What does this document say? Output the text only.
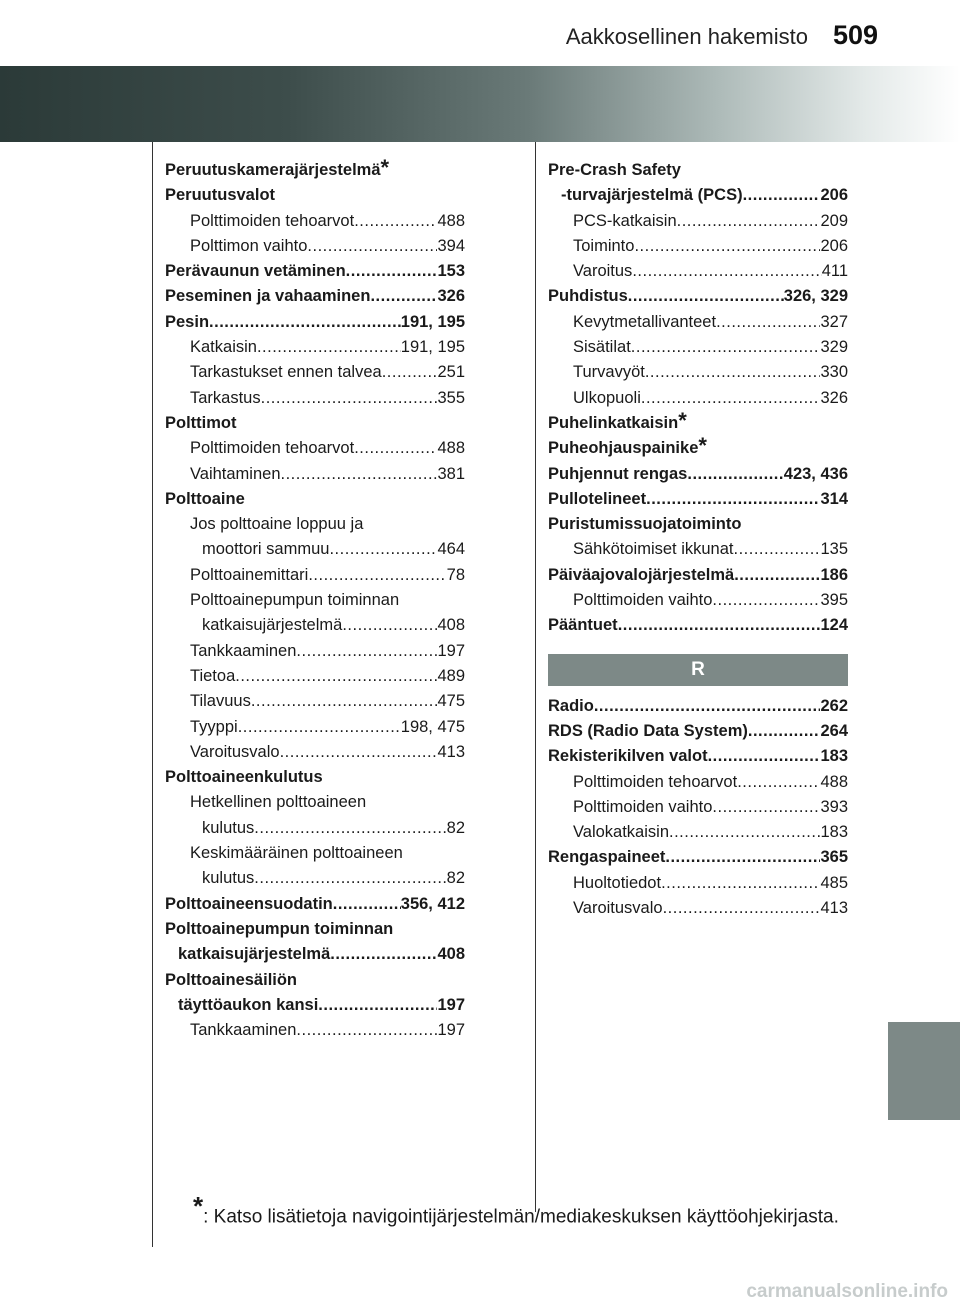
Aakkosellinen hakemisto 509
Peruutuskamerajärjestelmä *
Peruutusvalot
Polttimoiden tehoarvot .....	488
Polttimon vaihto .....	394
Perävaunun vetäminen .....	153
Peseminen ja vahaaminen .....	326
Pesin .....	191, 195
Katkaisin .....	191, 195
Tarkastukset ennen talvea .....	251
Tarkastus .....	355
Polttimot
Polttimoiden tehoarvot .....	488
Vaihtaminen .....	381
Polttoaine
Jos polttoaine loppuu ja
moottori sammuu .....	464
Polttoainemittari .....	78
Polttoainepumpun toiminnan
katkaisujärjestelmä .....	408
Tankkaaminen .....	197
Tietoa .....	489
Tilavuus .....	475
Tyyppi .....	198, 475
Varoitusvalo .....	413
Polttoaineenkulutus
Hetkellinen polttoaineen
kulutus .....	82
Keskimääräinen polttoaineen
kulutus .....	82
Polttoaineensuodatin .....	356, 412
Polttoainepumpun toiminnan
katkaisujärjestelmä .....	408
Polttoainesäiliön
täyttöaukon kansi .....	197
Tankkaaminen .....	197
Pre-Crash Safety
-turvajärjestelmä (PCS) .....	206
PCS-katkaisin .....	209
Toiminto .....	206
Varoitus .....	411
Puhdistus .....	326, 329
Kevytmetallivanteet .....	327
Sisätilat .....	329
Turvavyöt .....	330
Ulkopuoli .....	326
Puhelinkatkaisin *
Puheohjauspainike *
Puhjennut rengas .....	423, 436
Pullotelineet .....	314
Puristumissuojatoiminto
Sähkötoimiset ikkunat .....	135
Päiväajovalojärjestelmä .....	186
Polttimoiden vaihto .....	395
Pääntuet .....	124
R
Radio .....	262
RDS (Radio Data System) .....	264
Rekisterikilven valot .....	183
Polttimoiden tehoarvot .....	488
Polttimoiden vaihto .....	393
Valokatkaisin .....	183
Rengaspaineet .....	365
Huoltotiedot .....	485
Varoitusvalo .....	413
*: Katso lisätietoja navigointijärjestelmän/mediakeskuksen käyttöohjekirjasta.
carmanualsonline.info
